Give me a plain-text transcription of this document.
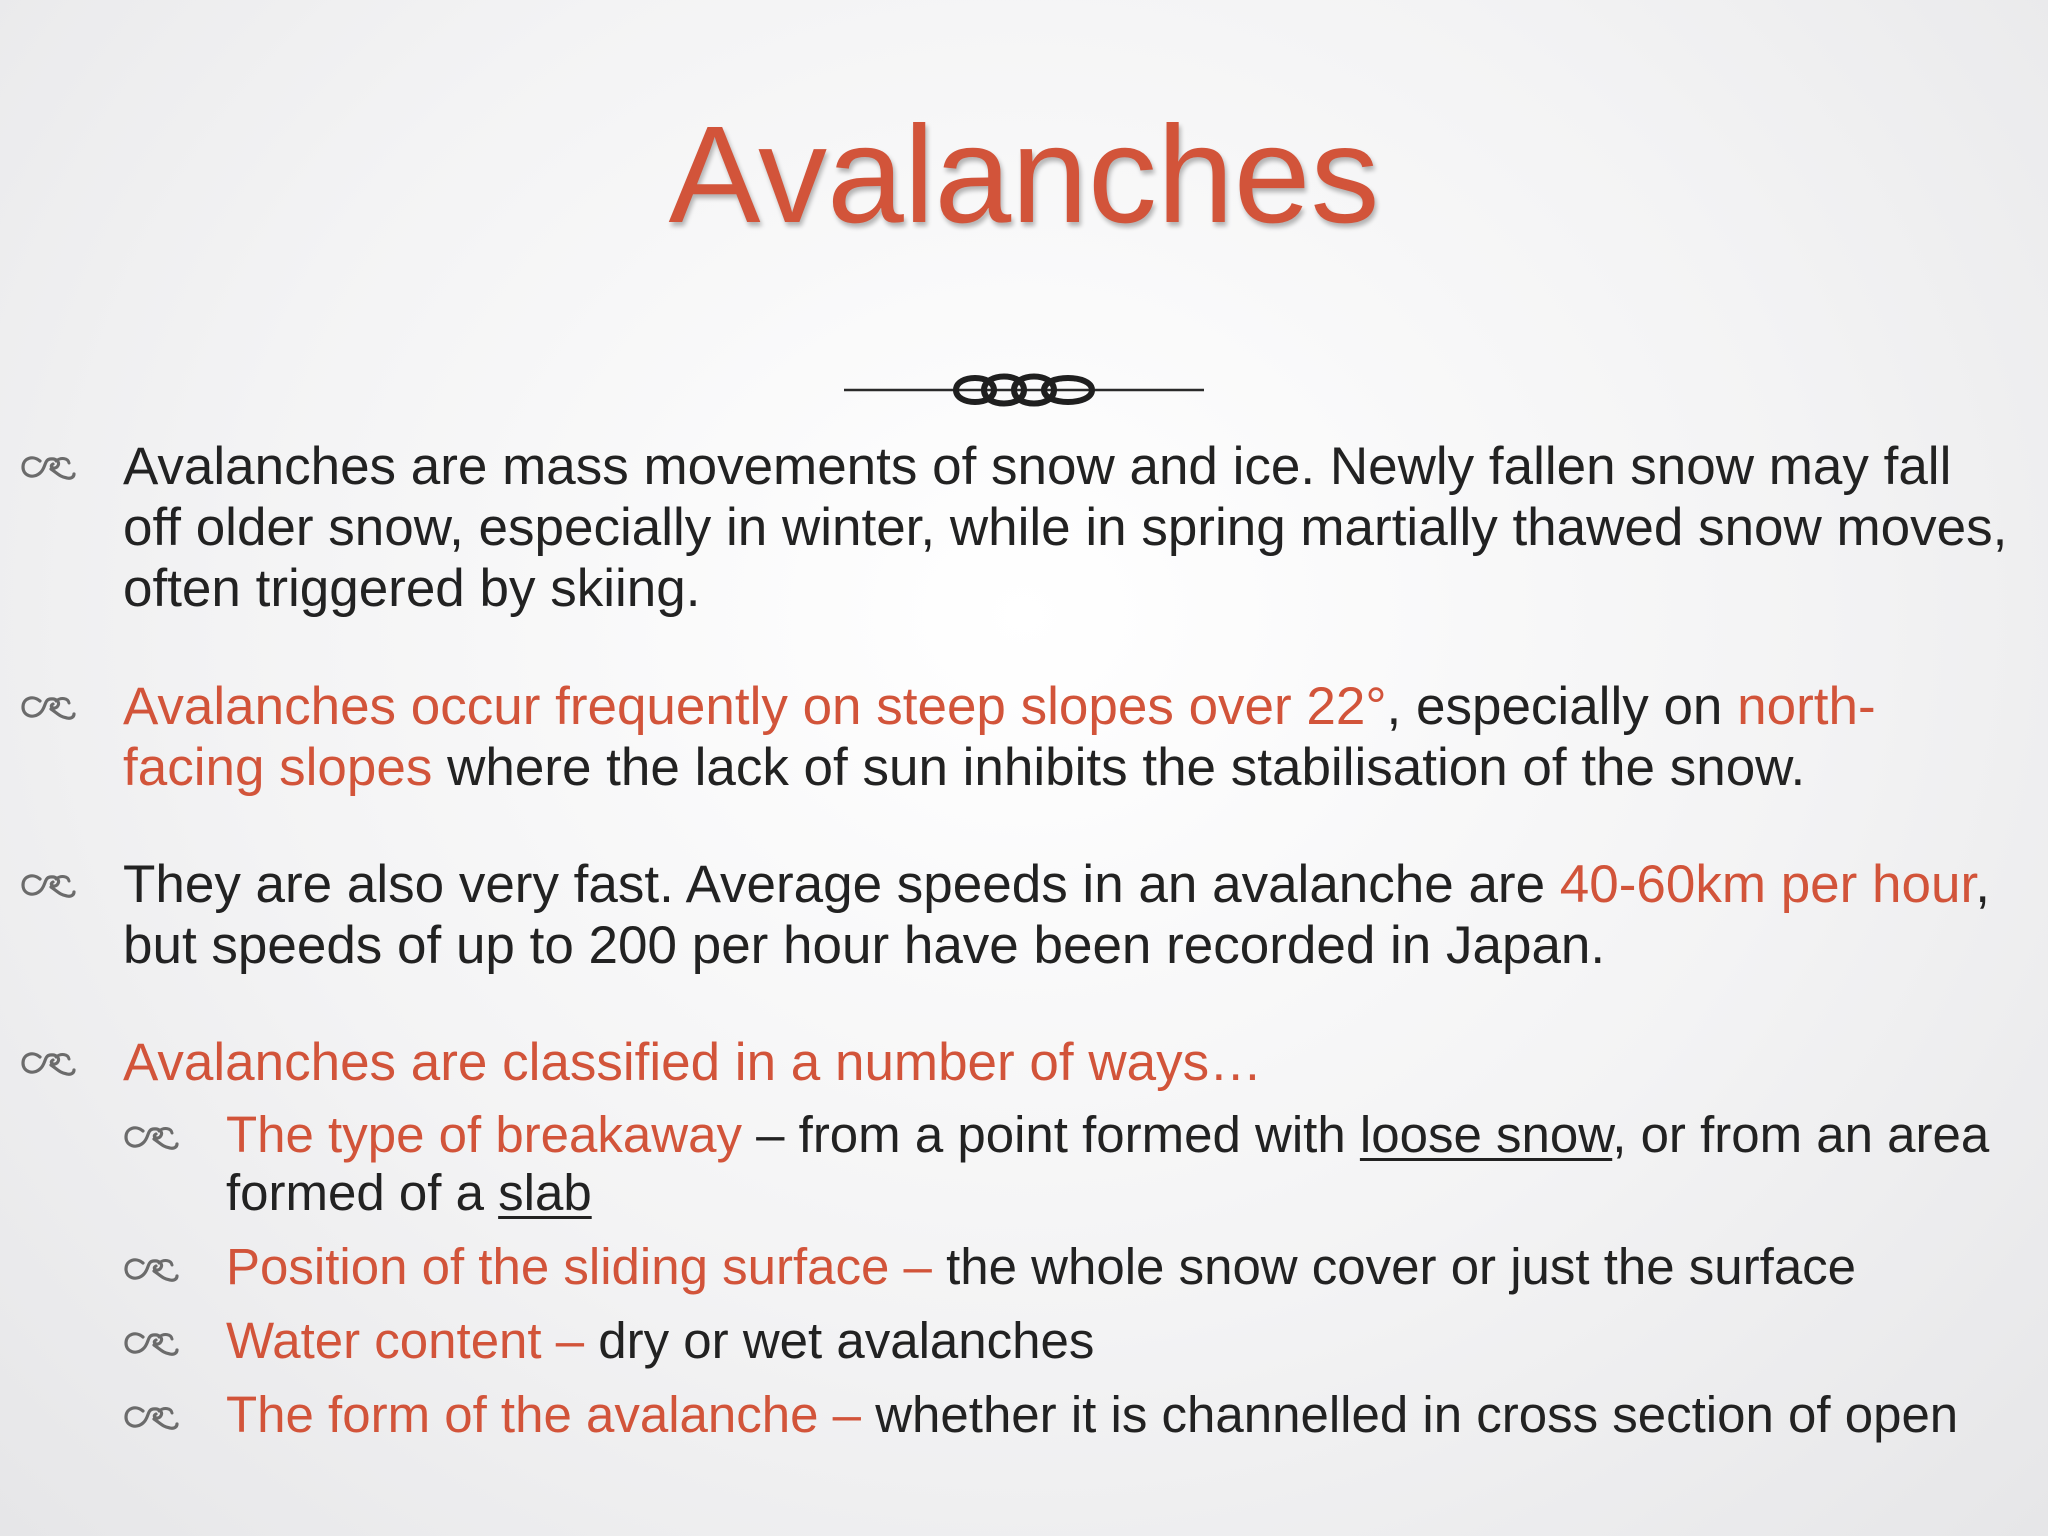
Avalanches
Avalanches are mass movements of snow and ice. Newly fallen snow may fall off older snow, especially in winter, while in spring martially thawed snow moves, often triggered by skiing.
Avalanches occur frequently on steep slopes over 22°, especially on north-facing slopes where the lack of sun inhibits the stabilisation of the snow.
They are also very fast. Average speeds in an avalanche are 40-60km per hour, but speeds of up to 200 per hour have been recorded in Japan.
Avalanches are classified in a number of ways…
The type of breakaway – from a point formed with loose snow, or from an area formed of a slab
Position of the sliding surface – the whole snow cover or just the surface
Water content – dry or wet avalanches
The form of the avalanche – whether it is channelled in cross section of open
